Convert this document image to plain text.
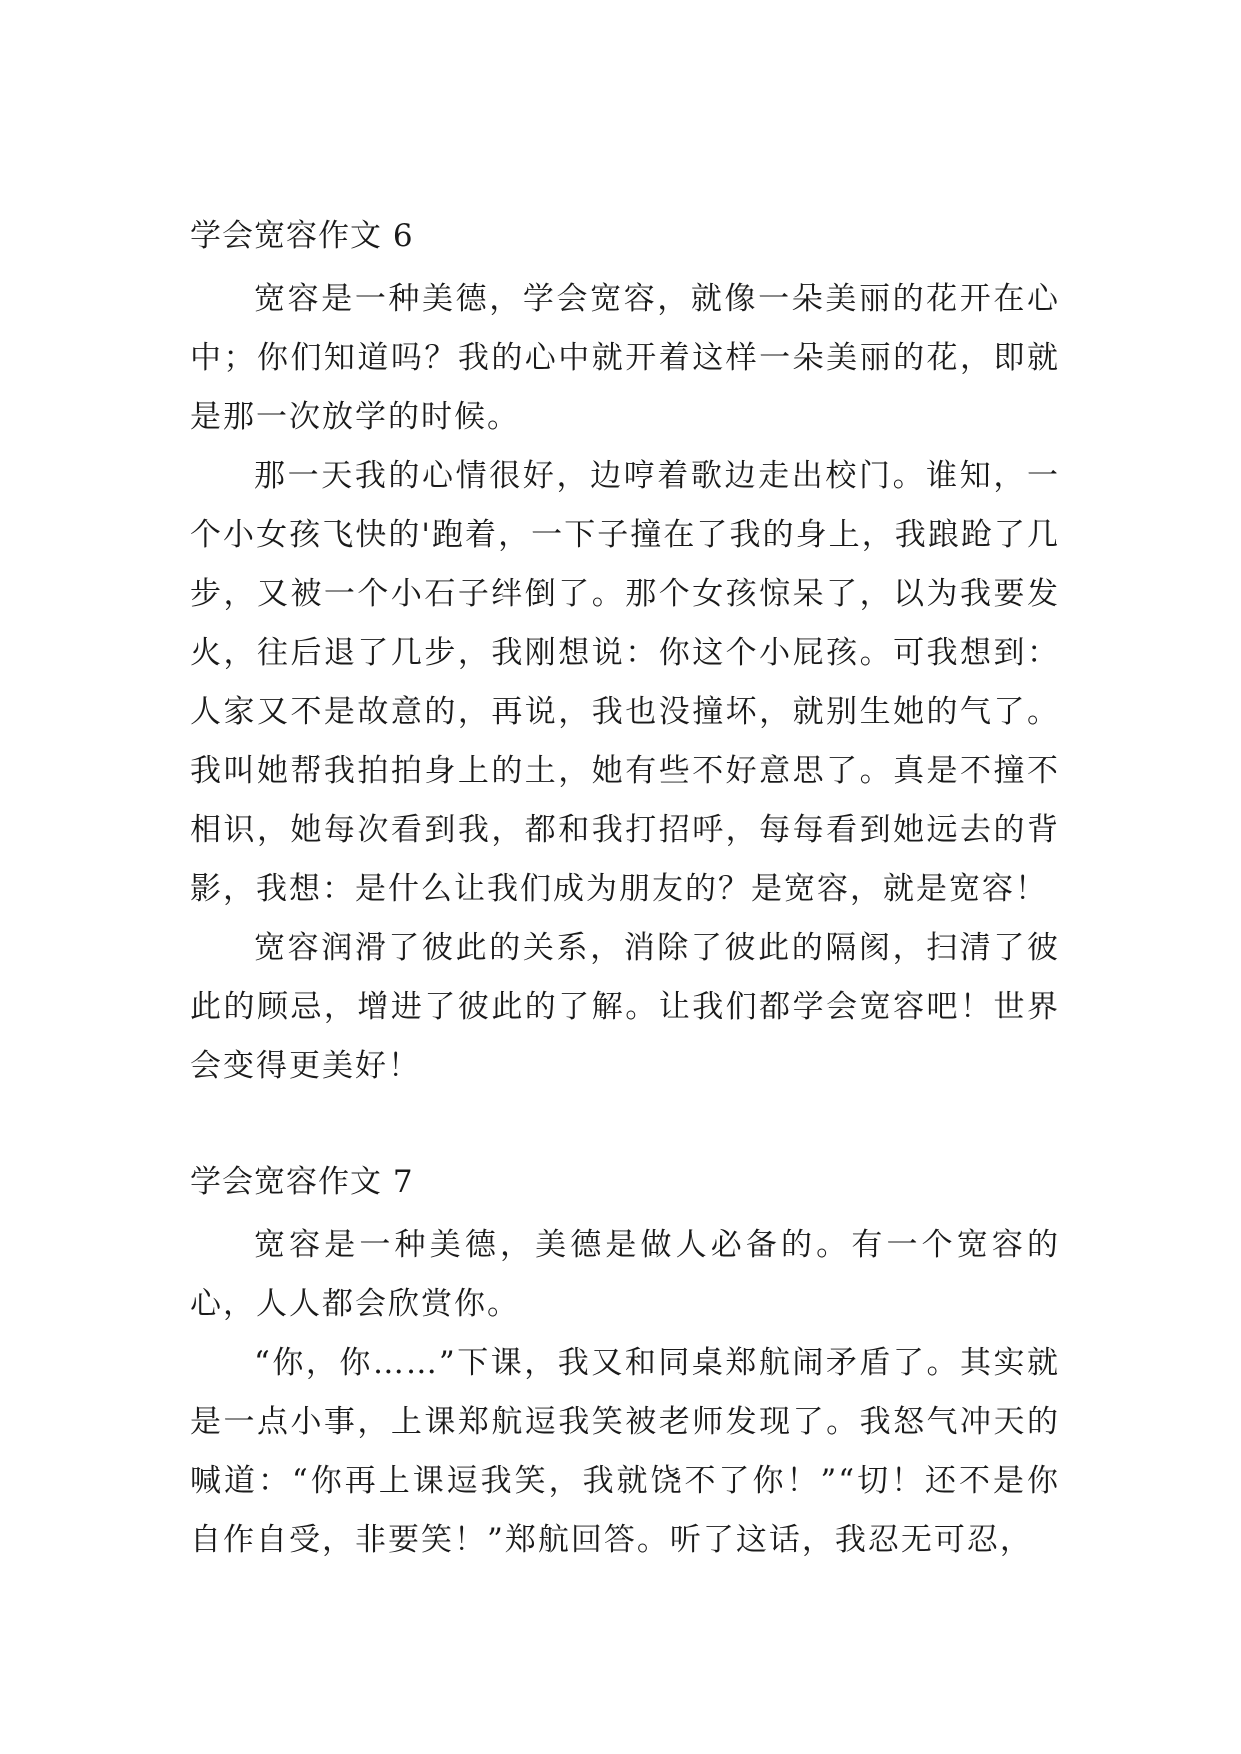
学会宽容作文 6

宽容是一种美德，学会宽容，就像一朵美丽的花开在心中；你们知道吗？我的心中就开着这样一朵美丽的花，即就是那一次放学的时候。

那一天我的心情很好，边哼着歌边走出校门。谁知，一个小女孩飞快的'跑着，一下子撞在了我的身上，我踉跄了几步，又被一个小石子绊倒了。那个女孩惊呆了，以为我要发火，往后退了几步，我刚想说：你这个小屁孩。可我想到：人家又不是故意的，再说，我也没撞坏，就别生她的气了。我叫她帮我拍拍身上的土，她有些不好意思了。真是不撞不相识，她每次看到我，都和我打招呼，每每看到她远去的背影，我想：是什么让我们成为朋友的？是宽容，就是宽容！

宽容润滑了彼此的关系，消除了彼此的隔阂，扫清了彼此的顾忌，增进了彼此的了解。让我们都学会宽容吧！世界会变得更美好！

学会宽容作文 7

宽容是一种美德，美德是做人必备的。有一个宽容的心，人人都会欣赏你。

“你，你……”下课，我又和同桌郑航闹矛盾了。其实就是一点小事，上课郑航逗我笑被老师发现了。我怒气冲天的喊道：“你再上课逗我笑，我就饶不了你！”“切！还不是你自作自受，非要笑！”郑航回答。听了这话，我忍无可忍，
